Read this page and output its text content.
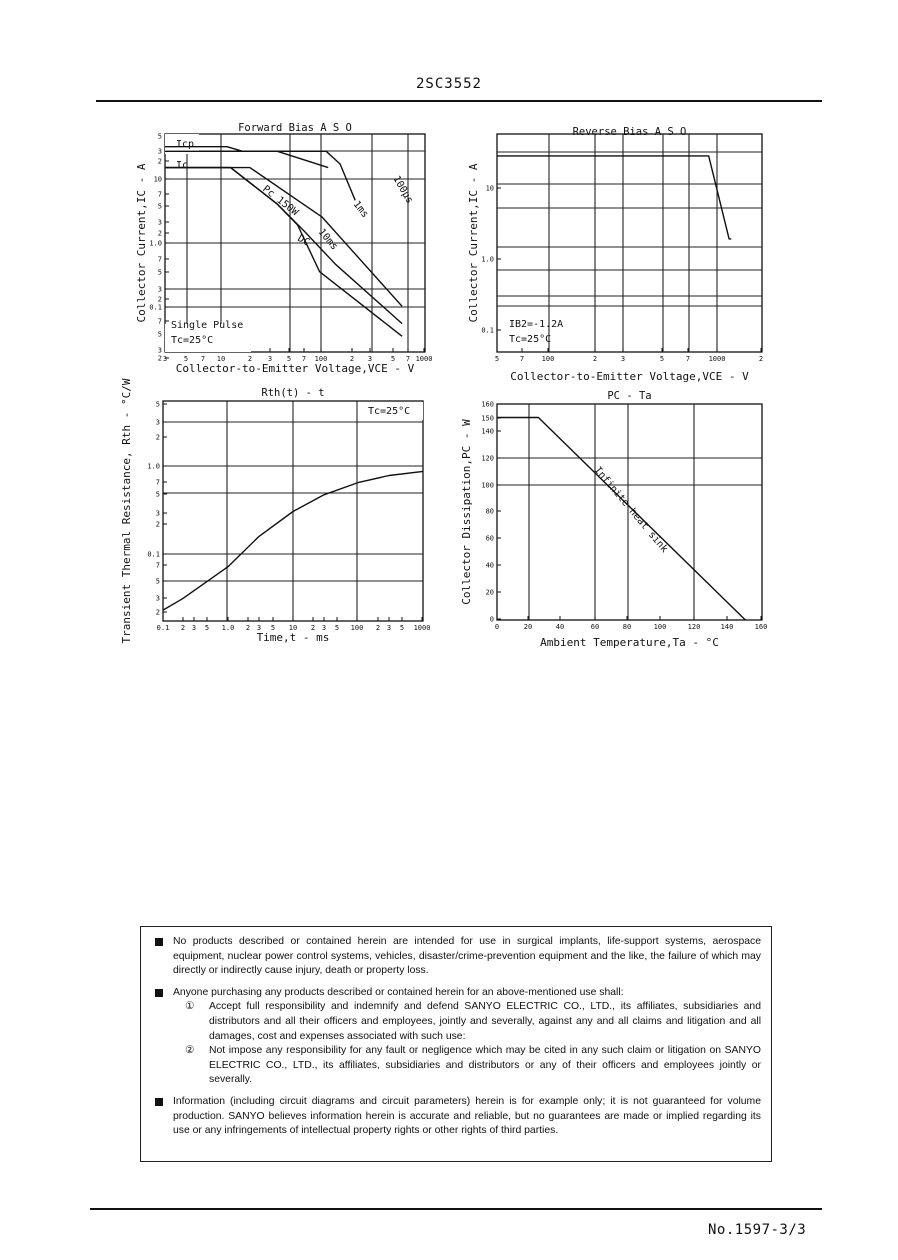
2SC3552
3 5 7 10	2 3 5 7 100	2 3	5 7 1000
5
3
2
10
7
5
3
2
1.0
7
5
3
2
0.1
7
5
3
2
Forward Bias A S O
Collector-to-Emitter Voltage,VCE - V
Collector Current,IC - A
Icp
Ic
Pc 150W	100μs
1ms
10ms
DC
Single Pulse
Tc=25°C
5	7	100	2	3	5	7	1000	2
10
1.0
0.1
Reverse Bias A S O
Collector-to-Emitter Voltage,VCE - V
Collector Current,IC - A
IB2=-1.2A
Tc=25°C
0.1 2 3 5 1.0 2 3 5 10 2 3 5 100 2 3 5 1000
5
3
2
1.0
7
5
3
2
0.1
7
5
3
2
Rth(t) - t
Time,t - ms
Transient Thermal Resistance, Rth - °C/W	Tc=25°C
0	20	40	60	80	100	120	140	160
0
20
40
60
80
100
120
140
150
160
PC - Ta
Ambient Temperature,Ta - °C
Collector Dissipation,PC - W	Infinite heat sink
No products described or contained herein are intended for use in surgical implants, life-support systems, aerospace equipment, nuclear power control systems, vehicles, disaster/crime-prevention equipment and the like, the failure of which may directly or indirectly cause injury, death or property loss.
Anyone purchasing any products described or contained herein for an above-mentioned use shall:
① Accept full responsibility and indemnify and defend SANYO ELECTRIC CO., LTD., its affiliates, subsidiaries and distributors and all their officers and employees, jointly and severally, against any and all claims and litigation and all damages, cost and expenses associated with such use:
② Not impose any responsibility for any fault or negligence which may be cited in any such claim or litigation on SANYO ELECTRIC CO., LTD., its affiliates, subsidiaries and distributors or any of their officers and employees jointly or severally.
Information (including circuit diagrams and circuit parameters) herein is for example only; it is not guaranteed for volume production. SANYO believes information herein is accurate and reliable, but no guarantees are made or implied regarding its use or any infringements of intellectual property rights or other rights of third parties.
No.1597-3/3
